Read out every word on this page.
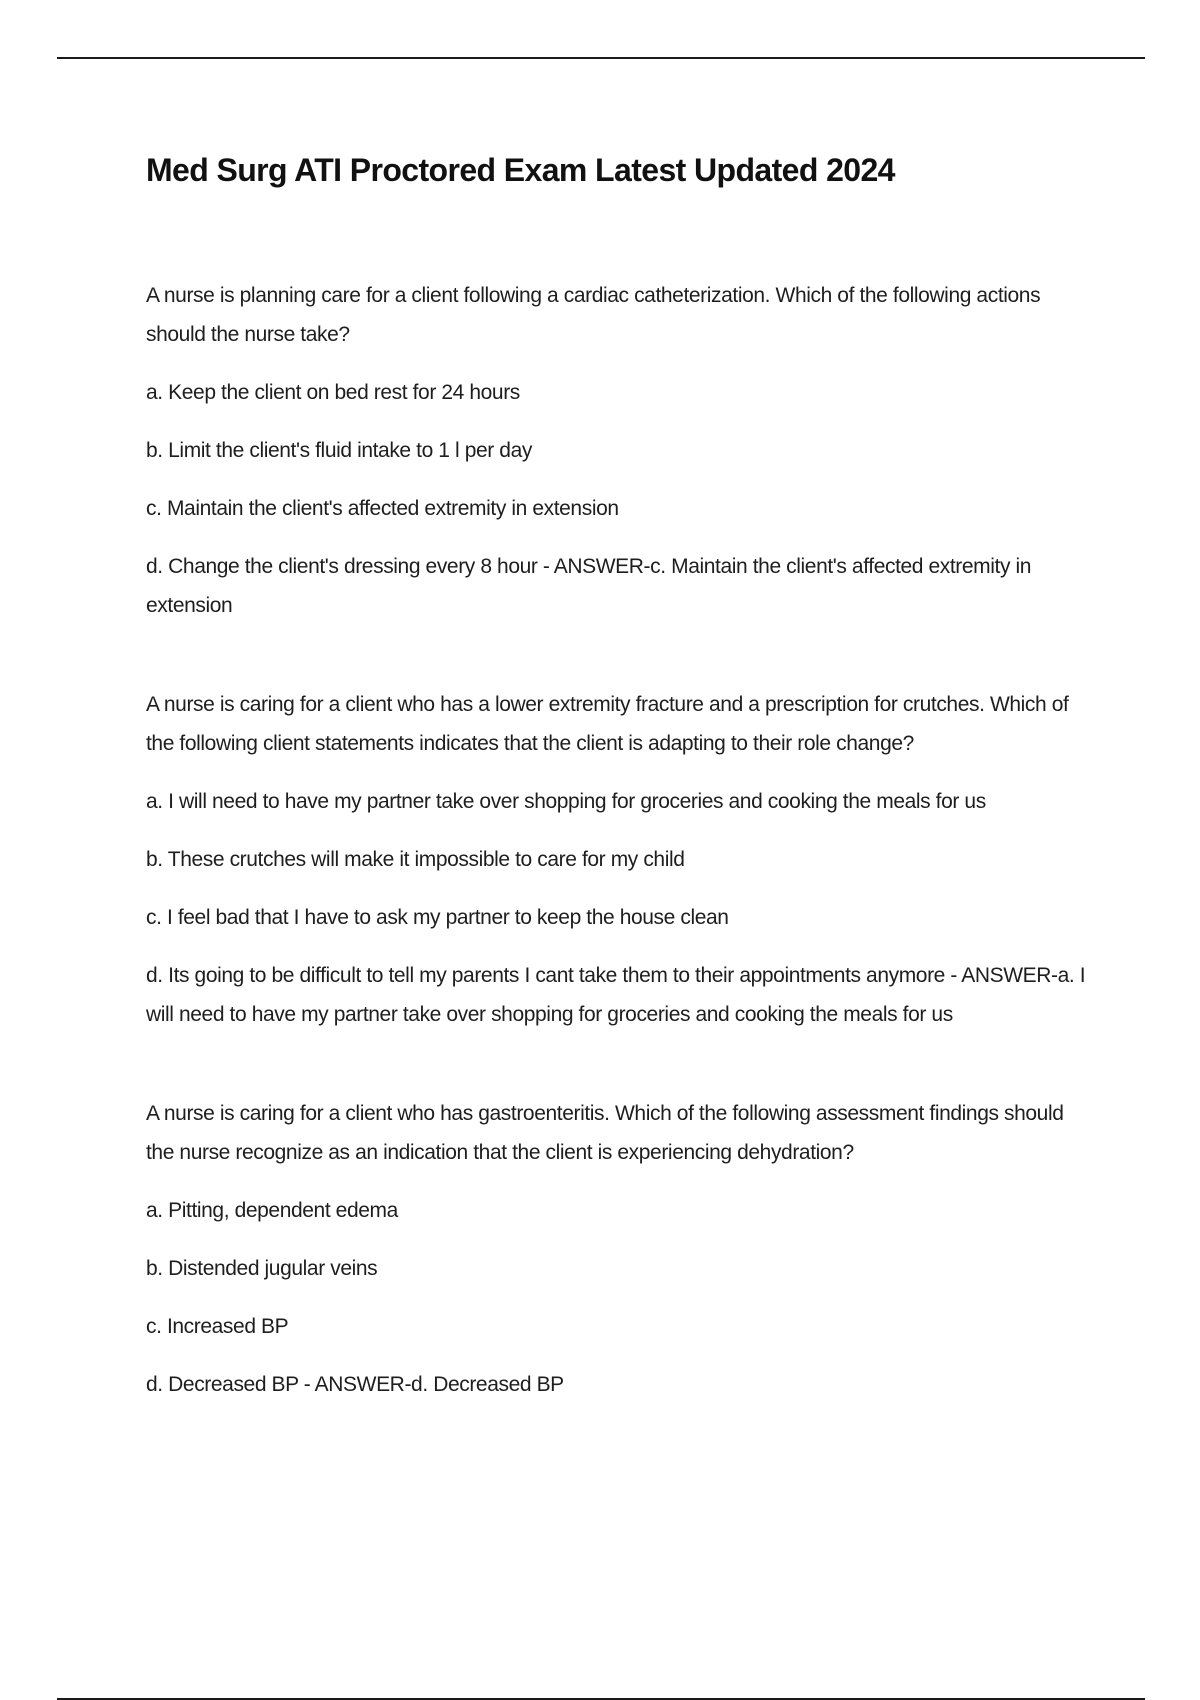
Med Surg ATI Proctored Exam Latest Updated 2024

A nurse is planning care for a client following a cardiac catheterization. Which of the following actions should the nurse take?

a. Keep the client on bed rest for 24 hours

b. Limit the client's fluid intake to 1 l per day

c. Maintain the client's affected extremity in extension

d. Change the client's dressing every 8 hour - ANSWER-c. Maintain the client's affected extremity in extension

A nurse is caring for a client who has a lower extremity fracture and a prescription for crutches. Which of the following client statements indicates that the client is adapting to their role change?

a. I will need to have my partner take over shopping for groceries and cooking the meals for us

b. These crutches will make it impossible to care for my child

c. I feel bad that I have to ask my partner to keep the house clean

d. Its going to be difficult to tell my parents I cant take them to their appointments anymore - ANSWER-a. I will need to have my partner take over shopping for groceries and cooking the meals for us

A nurse is caring for a client who has gastroenteritis. Which of the following assessment findings should the nurse recognize as an indication that the client is experiencing dehydration?

a. Pitting, dependent edema

b. Distended jugular veins

c. Increased BP

d. Decreased BP - ANSWER-d. Decreased BP
